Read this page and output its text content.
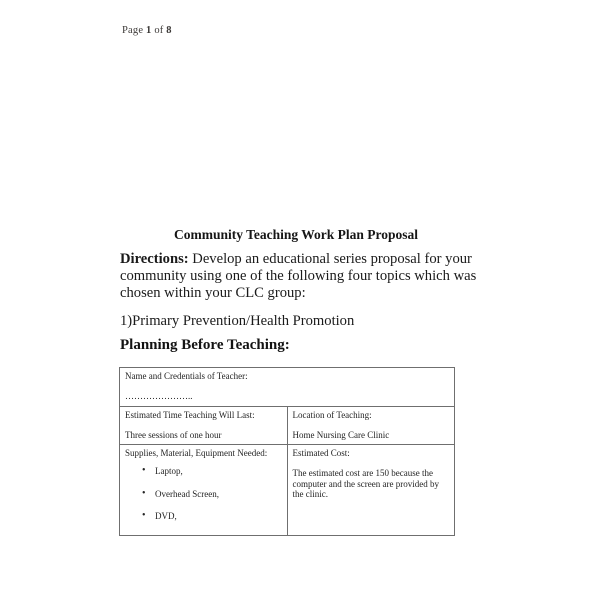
Page 1 of 8
Community Teaching Work Plan Proposal
Directions: Develop an educational series proposal for your community using one of the following four topics which was chosen within your CLC group:
1)Primary Prevention/Health Promotion
Planning Before Teaching:
Name and Credentials of Teacher:
…………………..	

Estimated Time Teaching Will Last:
Three sessions of one hour

Location of Teaching:
Home Nursing Care Clinic

Supplies, Material, Equipment Needed:
• Laptop,
• Overhead Screen,
• DVD,

Estimated Cost:
The estimated cost are 150 because the computer and the screen are provided by the clinic.
